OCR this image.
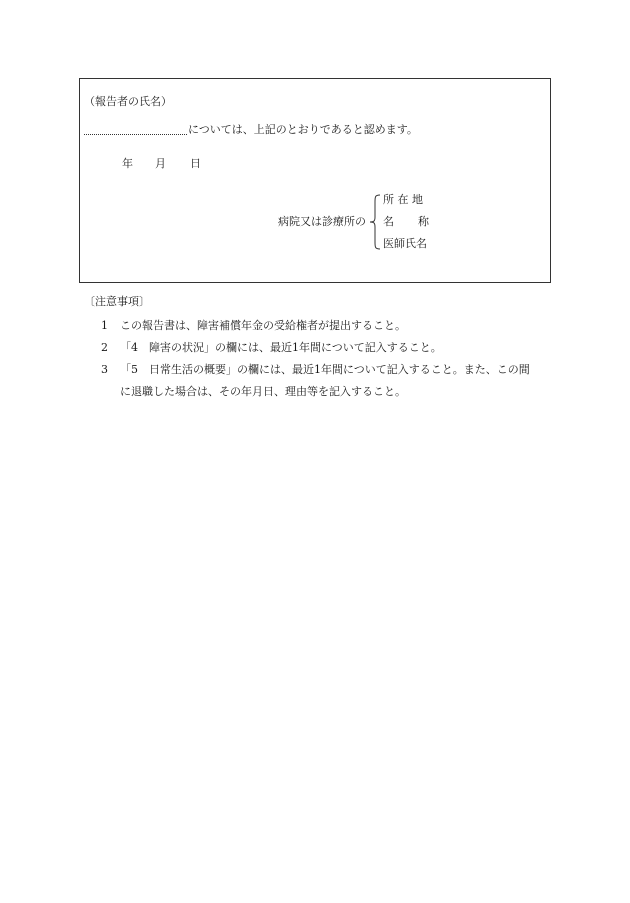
（報告者の氏名）
については、上記のとおりであると認めます。
年 月 日
病院又は診療所の
所 在 地
名 称
医師氏名
〔注意事項〕
1 この報告書は、障害補償年金の受給権者が提出すること。
2 「4　障害の状況」の欄には、最近1年間について記入すること。
3 「5　日常生活の概要」の欄には、最近1年間について記入すること。また、この間
に退職した場合は、その年月日、理由等を記入すること。
